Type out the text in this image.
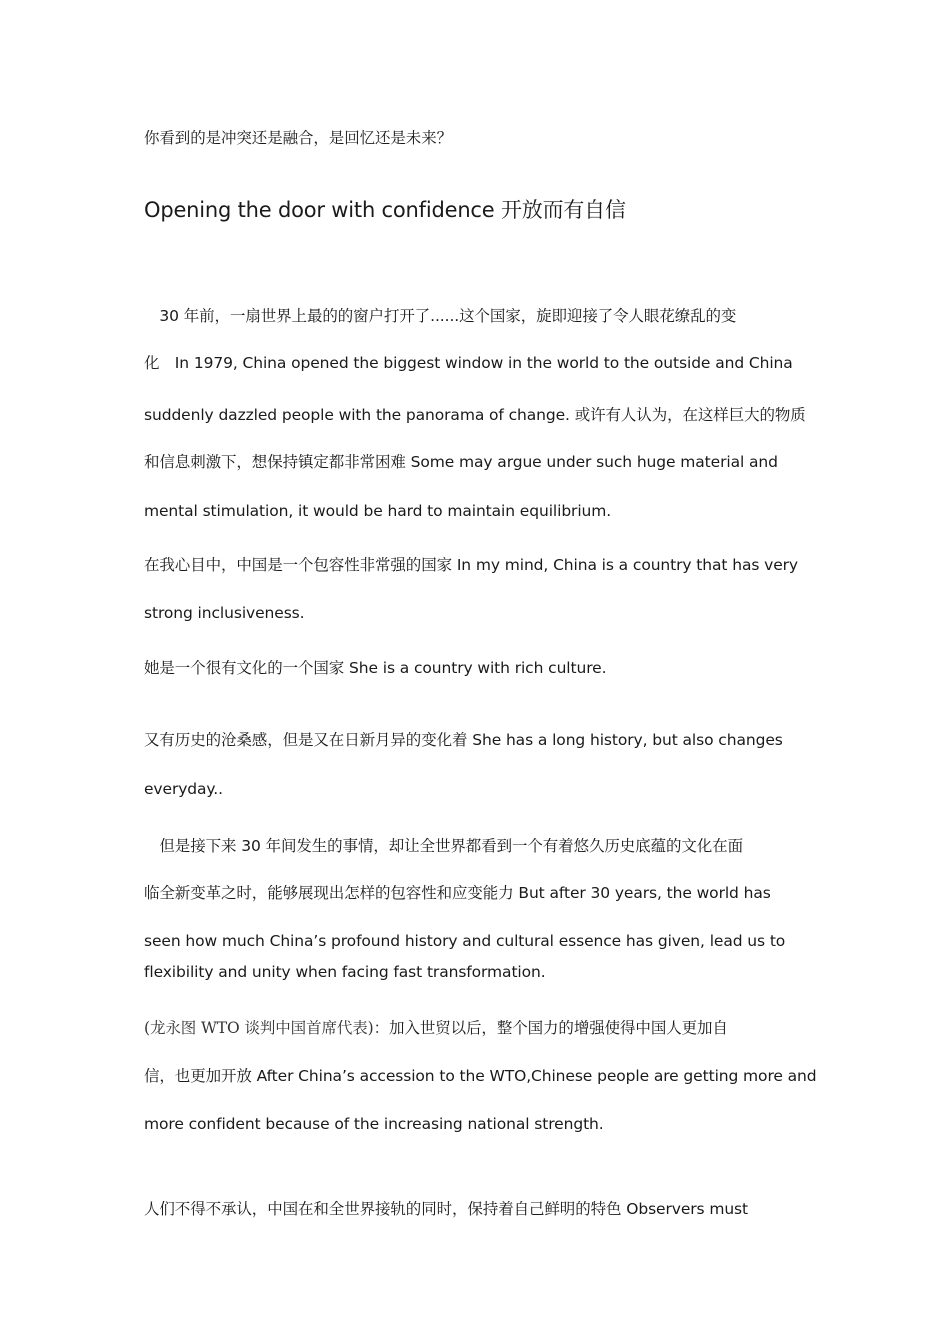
你看到的是冲突还是融合，是回忆还是未来？

Opening the door with confidence 开放而有自信

　30 年前，一扇世界上最的的窗户打开了......这个国家，旋即迎接了令人眼花缭乱的变

化　In 1979, China opened the biggest window in the world to the outside and China

suddenly dazzled people with the panorama of change. 或许有人认为，在这样巨大的物质

和信息刺激下，想保持镇定都非常困难 Some may argue under such huge material and

mental stimulation, it would be hard to maintain equilibrium.

在我心目中，中国是一个包容性非常强的国家 In my mind, China is a country that has very

strong inclusiveness.

她是一个很有文化的一个国家 She is a country with rich culture.

又有历史的沧桑感，但是又在日新月异的变化着 She has a long history, but also changes

everyday..

　但是接下来 30 年间发生的事情，却让全世界都看到一个有着悠久历史底蕴的文化在面

临全新变革之时，能够展现出怎样的包容性和应变能力 But after 30 years, the world has

seen how much China’s profound history and cultural essence has given, lead us to

flexibility and unity when facing fast transformation.

(龙永图 WTO 谈判中国首席代表)：加入世贸以后，整个国力的增强使得中国人更加自

信，也更加开放 After China’s accession to the WTO,Chinese people are getting more and

more confident because of the increasing national strength.

人们不得不承认，中国在和全世界接轨的同时，保持着自己鲜明的特色 Observers must
